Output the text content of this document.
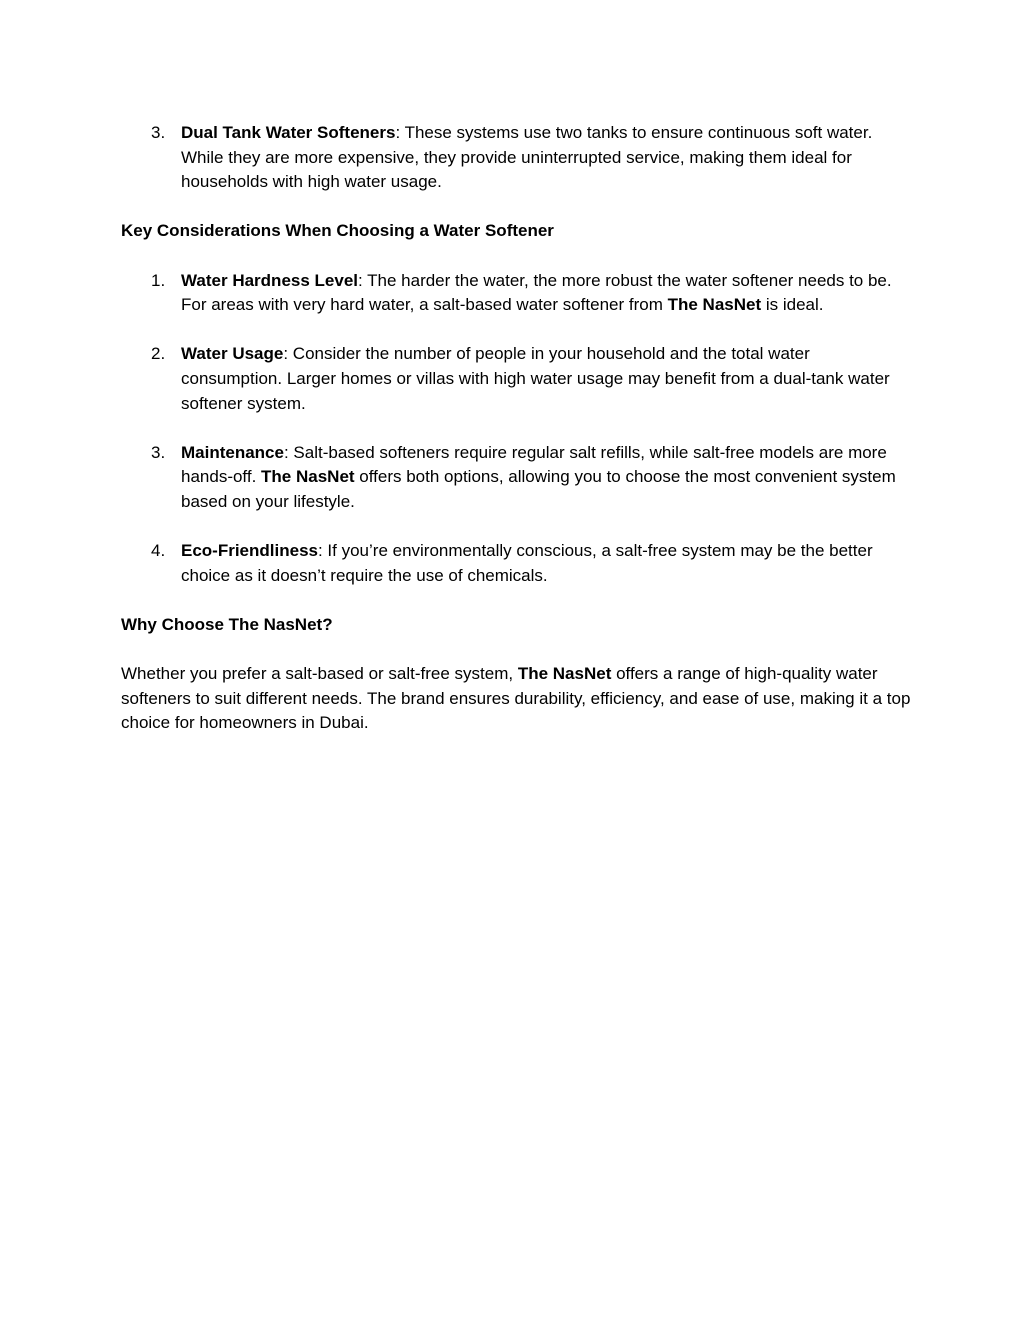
3. Dual Tank Water Softeners: These systems use two tanks to ensure continuous soft water. While they are more expensive, they provide uninterrupted service, making them ideal for households with high water usage.
Key Considerations When Choosing a Water Softener
1. Water Hardness Level: The harder the water, the more robust the water softener needs to be. For areas with very hard water, a salt-based water softener from The NasNet is ideal.
2. Water Usage: Consider the number of people in your household and the total water consumption. Larger homes or villas with high water usage may benefit from a dual-tank water softener system.
3. Maintenance: Salt-based softeners require regular salt refills, while salt-free models are more hands-off. The NasNet offers both options, allowing you to choose the most convenient system based on your lifestyle.
4. Eco-Friendliness: If you’re environmentally conscious, a salt-free system may be the better choice as it doesn’t require the use of chemicals.
Why Choose The NasNet?

Whether you prefer a salt-based or salt-free system, The NasNet offers a range of high-quality water softeners to suit different needs. The brand ensures durability, efficiency, and ease of use, making it a top choice for homeowners in Dubai.
